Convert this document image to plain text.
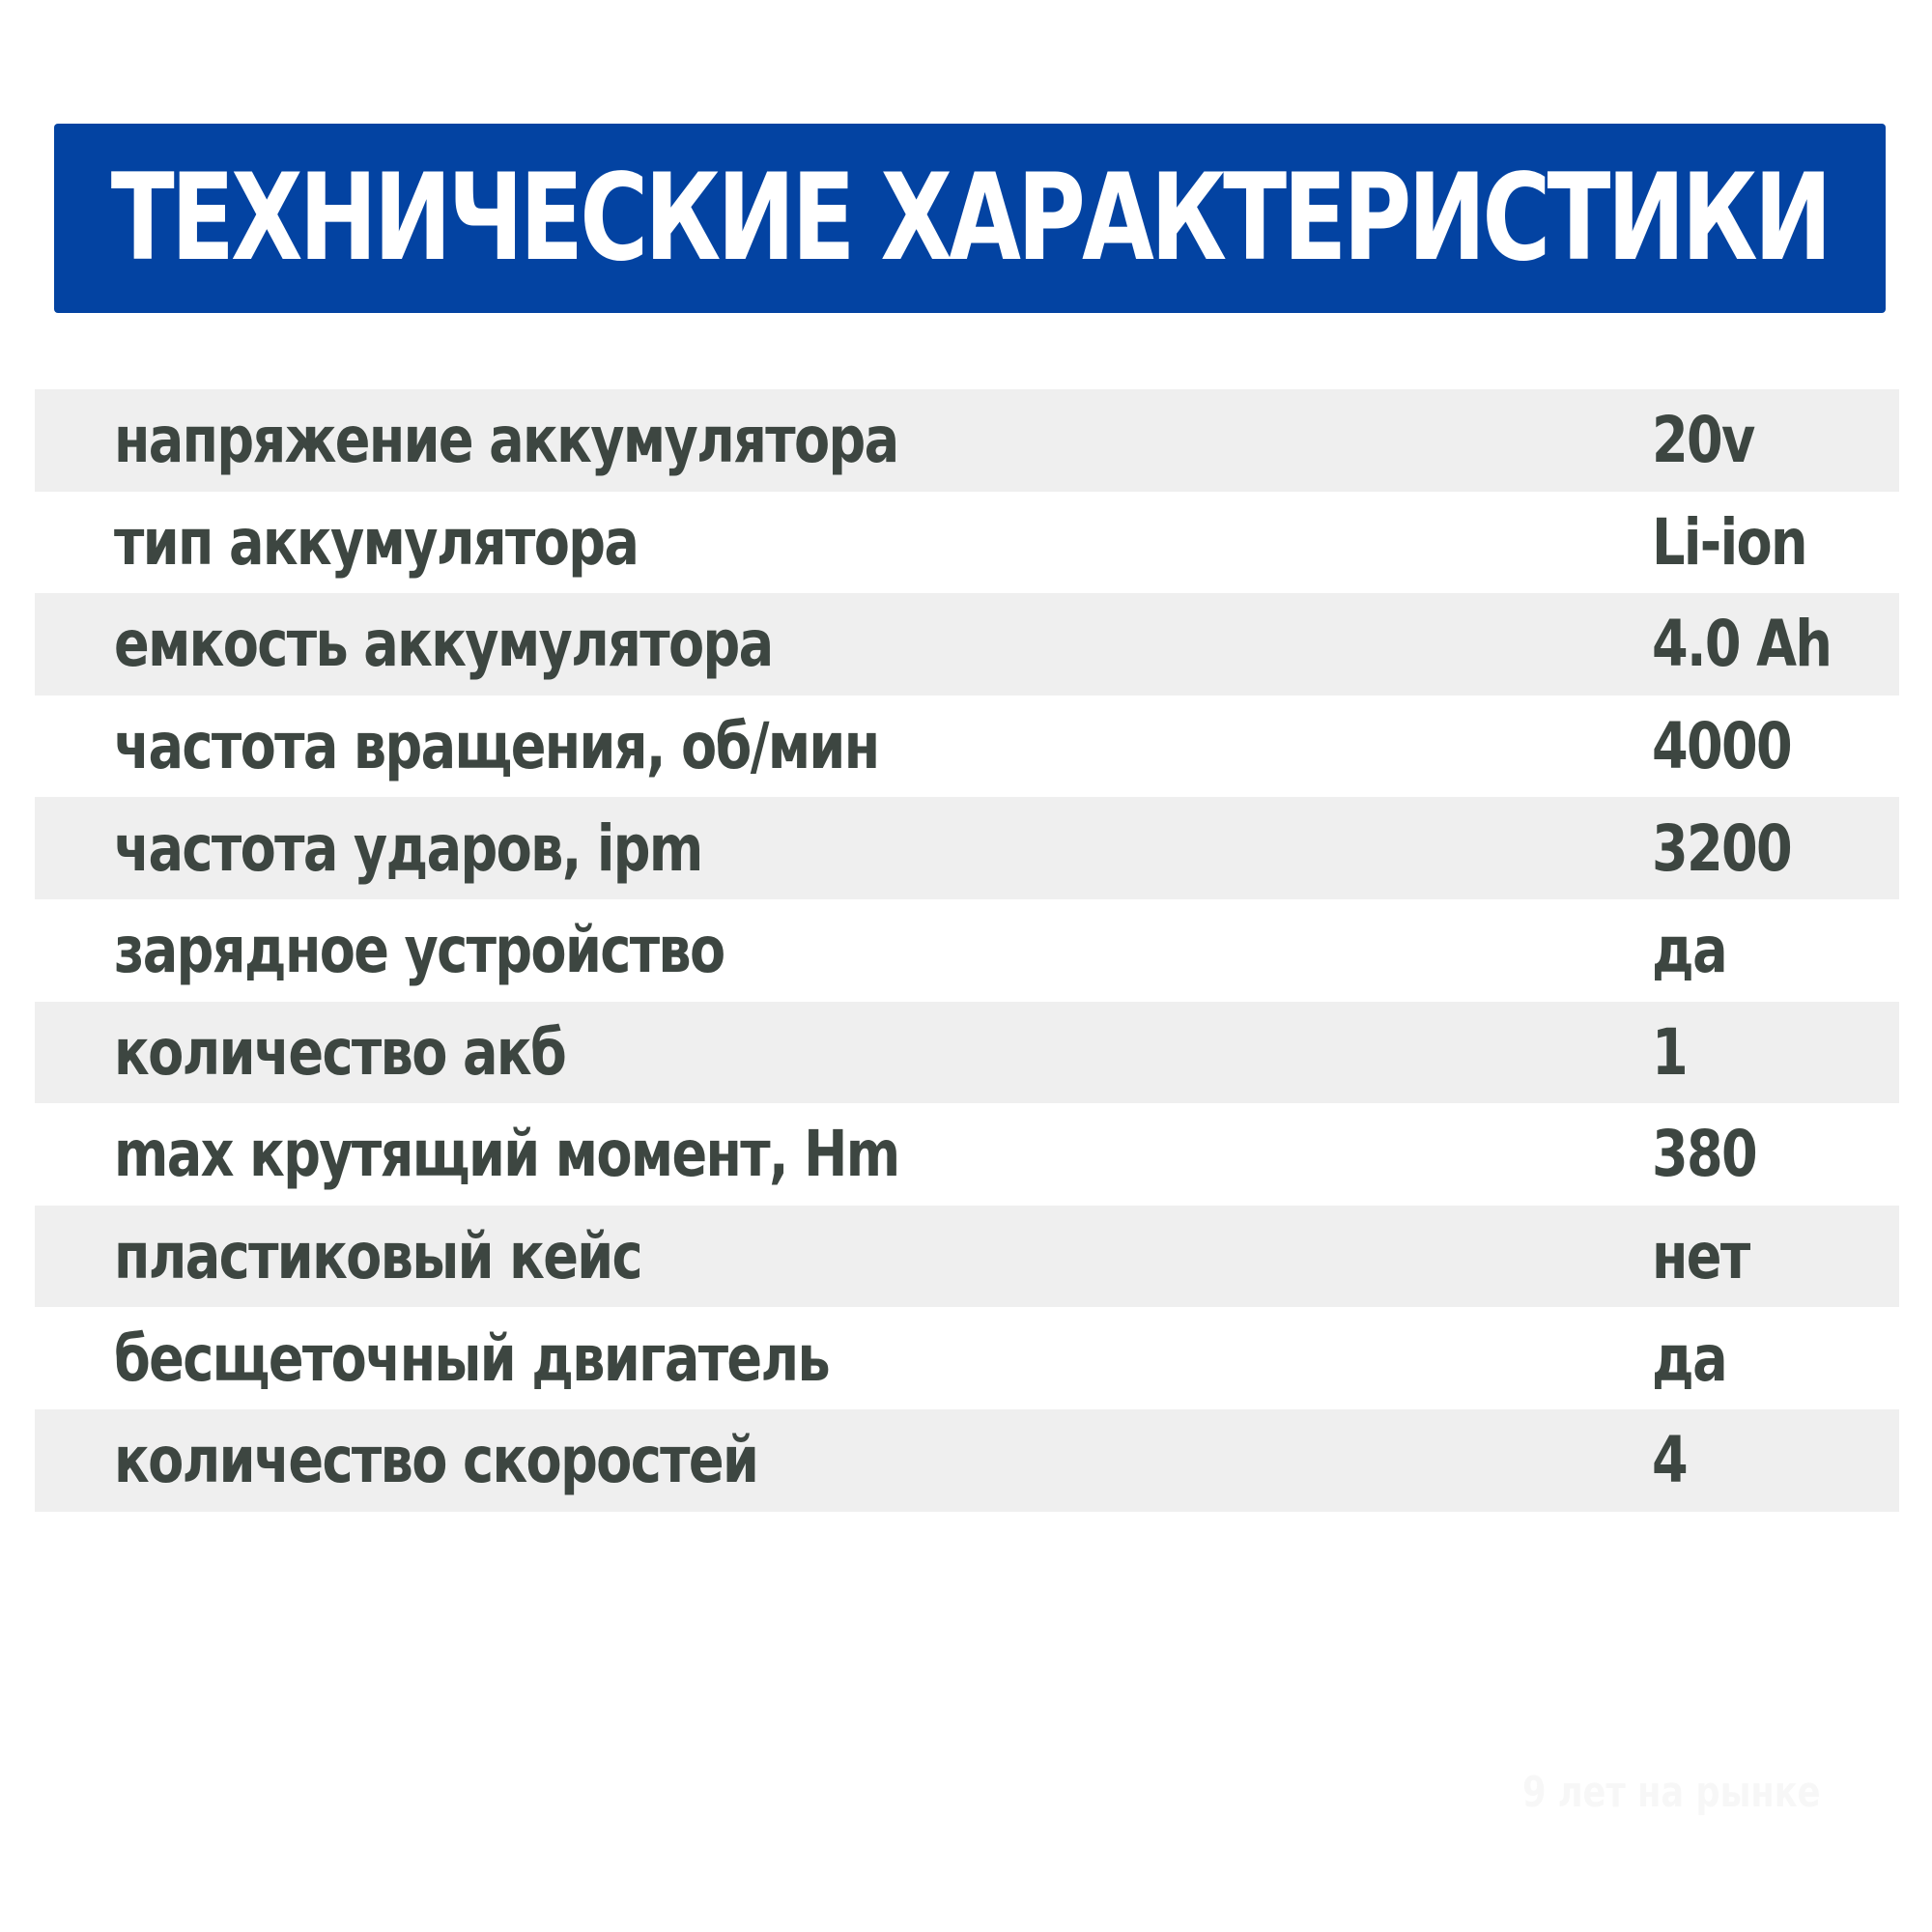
ТЕХНИЧЕСКИЕ ХАРАКТЕРИСТИКИ
напряжение аккумулятора	20v
тип аккумулятора	Li-ion
емкость аккумулятора	4.0 Ah
частота вращения, об/мин	4000
частота ударов, ipm	3200
зарядное устройство	да
количество акб	1
max крутящий момент, Hm	380
пластиковый кейс	нет
бесщеточный двигатель	да
количество скоростей	4
9 лет на рынке
